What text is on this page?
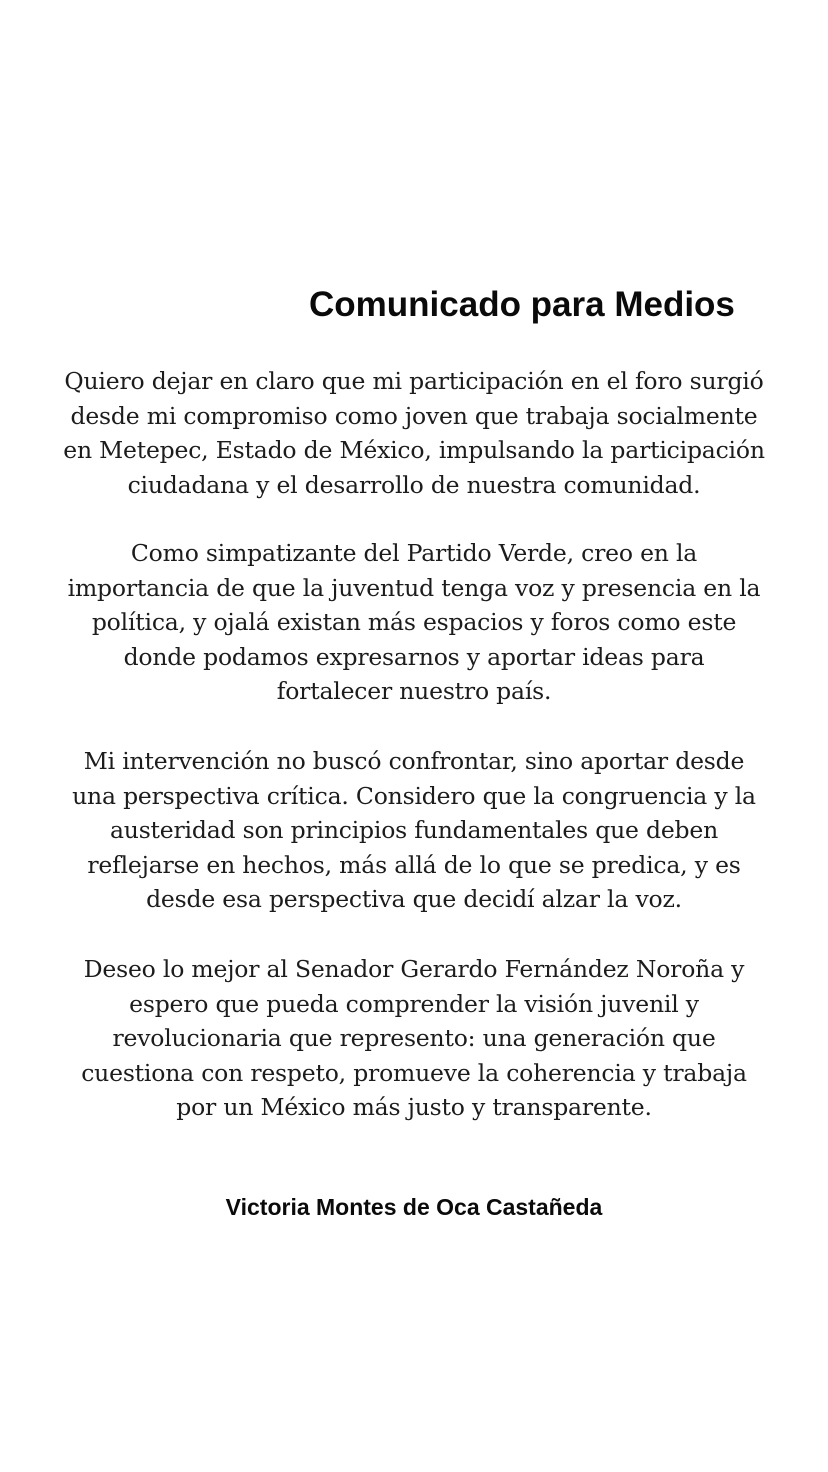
Comunicado para Medios

Quiero dejar en claro que mi participación en el foro surgió
desde mi compromiso como joven que trabaja socialmente
en Metepec, Estado de México, impulsando la participación
ciudadana y el desarrollo de nuestra comunidad.

Como simpatizante del Partido Verde, creo en la
importancia de que la juventud tenga voz y presencia en la
política, y ojalá existan más espacios y foros como este
donde podamos expresarnos y aportar ideas para
fortalecer nuestro país.

Mi intervención no buscó confrontar, sino aportar desde
una perspectiva crítica. Considero que la congruencia y la
austeridad son principios fundamentales que deben
reflejarse en hechos, más allá de lo que se predica, y es
desde esa perspectiva que decidí alzar la voz.

Deseo lo mejor al Senador Gerardo Fernández Noroña y
espero que pueda comprender la visión juvenil y
revolucionaria que represento: una generación que
cuestiona con respeto, promueve la coherencia y trabaja
por un México más justo y transparente.

Victoria Montes de Oca Castañeda
